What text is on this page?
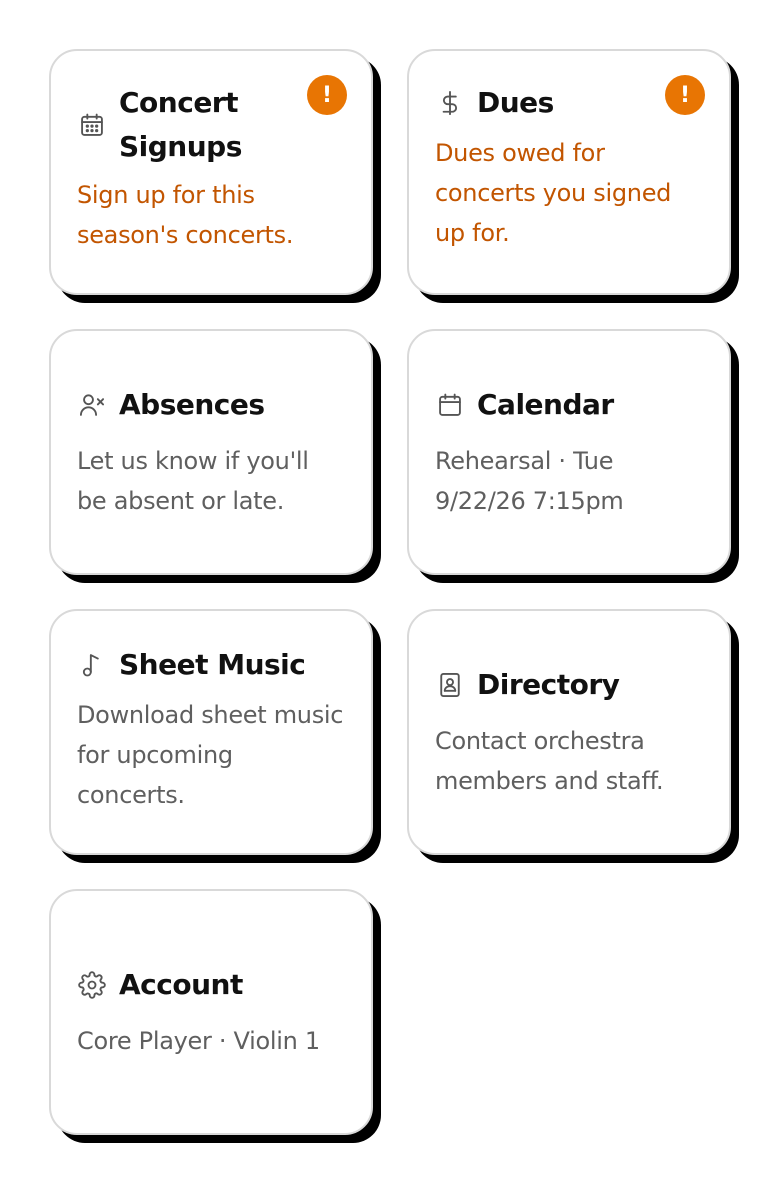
!
Concert Signups
Sign up for this season's concerts.
!
Dues
Dues owed for concerts you signed up for.
Absences
Let us know if you'll be absent or late.
Calendar
Rehearsal · Tue 9/22/26 7:15pm
Sheet Music
Download sheet music for upcoming concerts.
Directory
Contact orchestra members and staff.
Account
Core Player · Violin 1
